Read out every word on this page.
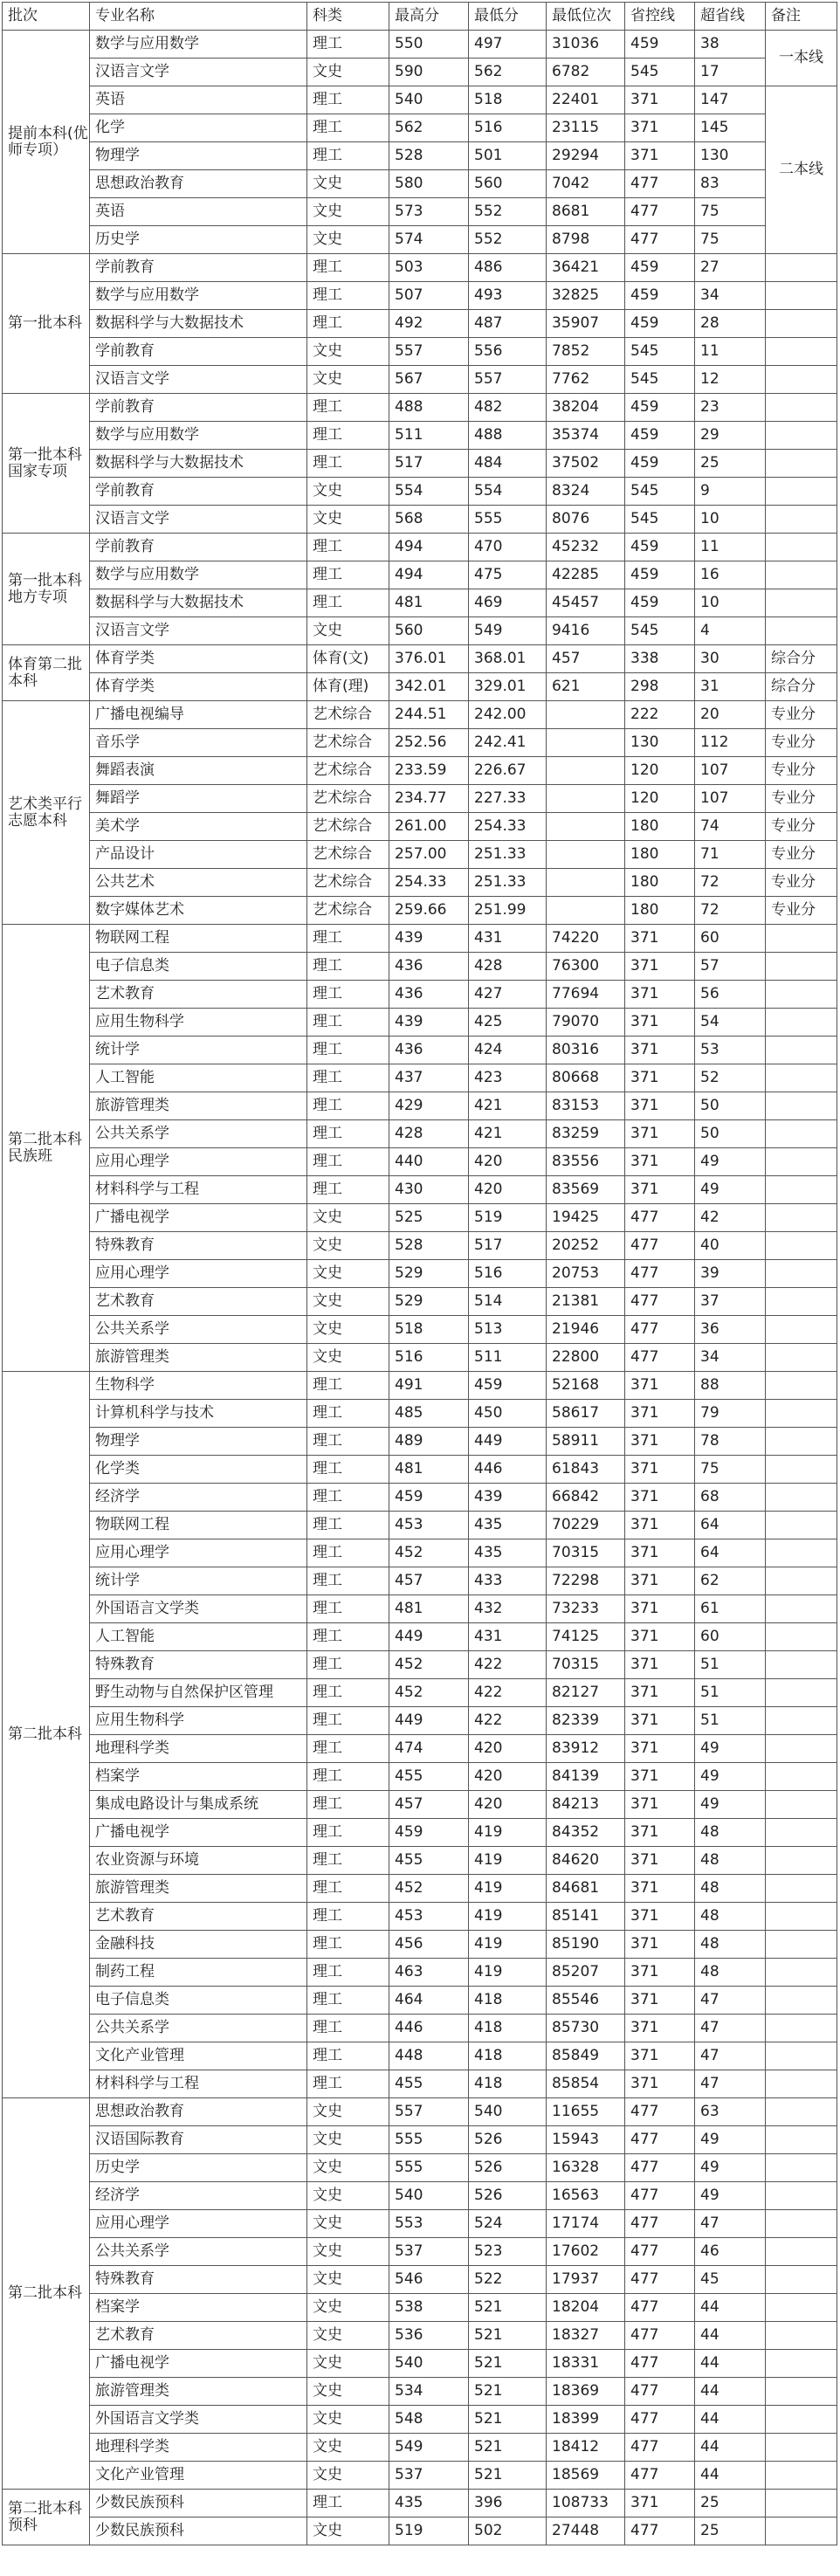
批次	专业名称	科类	最高分	最低分	最低位次	省控线	超省线	备注
提前本科(优师专项）	数学与应用数学	理工	550	497	31036	459	38	一本线
	汉语言文学	文史	590	562	6782	545	17	
	英语	理工	540	518	22401	371	147	二本线
	化学	理工	562	516	23115	371	145	
	物理学	理工	528	501	29294	371	130	
	思想政治教育	文史	580	560	7042	477	83	
	英语	文史	573	552	8681	477	75	
	历史学	文史	574	552	8798	477	75	
第一批本科	学前教育	理工	503	486	36421	459	27	
	数学与应用数学	理工	507	493	32825	459	34	
	数据科学与大数据技术	理工	492	487	35907	459	28	
	学前教育	文史	557	556	7852	545	11	
	汉语言文学	文史	567	557	7762	545	12	
第一批本科国家专项	学前教育	理工	488	482	38204	459	23	
	数学与应用数学	理工	511	488	35374	459	29	
	数据科学与大数据技术	理工	517	484	37502	459	25	
	学前教育	文史	554	554	8324	545	9	
	汉语言文学	文史	568	555	8076	545	10	
第一批本科地方专项	学前教育	理工	494	470	45232	459	11	
	数学与应用数学	理工	494	475	42285	459	16	
	数据科学与大数据技术	理工	481	469	45457	459	10	
	汉语言文学	文史	560	549	9416	545	4	
体育第二批本科	体育学类	体育(文)	376.01	368.01	457	338	30	综合分
	体育学类	体育(理)	342.01	329.01	621	298	31	综合分
艺术类平行志愿本科	广播电视编导	艺术综合	244.51	242.00		222	20	专业分
	音乐学	艺术综合	252.56	242.41		130	112	专业分
	舞蹈表演	艺术综合	233.59	226.67		120	107	专业分
	舞蹈学	艺术综合	234.77	227.33		120	107	专业分
	美术学	艺术综合	261.00	254.33		180	74	专业分
	产品设计	艺术综合	257.00	251.33		180	71	专业分
	公共艺术	艺术综合	254.33	251.33		180	72	专业分
	数字媒体艺术	艺术综合	259.66	251.99		180	72	专业分
第二批本科民族班	物联网工程	理工	439	431	74220	371	60	
	电子信息类	理工	436	428	76300	371	57	
	艺术教育	理工	436	427	77694	371	56	
	应用生物科学	理工	439	425	79070	371	54	
	统计学	理工	436	424	80316	371	53	
	人工智能	理工	437	423	80668	371	52	
	旅游管理类	理工	429	421	83153	371	50	
	公共关系学	理工	428	421	83259	371	50	
	应用心理学	理工	440	420	83556	371	49	
	材料科学与工程	理工	430	420	83569	371	49	
	广播电视学	文史	525	519	19425	477	42	
	特殊教育	文史	528	517	20252	477	40	
	应用心理学	文史	529	516	20753	477	39	
	艺术教育	文史	529	514	21381	477	37	
	公共关系学	文史	518	513	21946	477	36	
	旅游管理类	文史	516	511	22800	477	34	
第二批本科	生物科学	理工	491	459	52168	371	88	
	计算机科学与技术	理工	485	450	58617	371	79	
	物理学	理工	489	449	58911	371	78	
	化学类	理工	481	446	61843	371	75	
	经济学	理工	459	439	66842	371	68	
	物联网工程	理工	453	435	70229	371	64	
	应用心理学	理工	452	435	70315	371	64	
	统计学	理工	457	433	72298	371	62	
	外国语言文学类	理工	481	432	73233	371	61	
	人工智能	理工	449	431	74125	371	60	
	特殊教育	理工	452	422	70315	371	51	
	野生动物与自然保护区管理	理工	452	422	82127	371	51	
	应用生物科学	理工	449	422	82339	371	51	
	地理科学类	理工	474	420	83912	371	49	
	档案学	理工	455	420	84139	371	49	
	集成电路设计与集成系统	理工	457	420	84213	371	49	
	广播电视学	理工	459	419	84352	371	48	
	农业资源与环境	理工	455	419	84620	371	48	
	旅游管理类	理工	452	419	84681	371	48	
	艺术教育	理工	453	419	85141	371	48	
	金融科技	理工	456	419	85190	371	48	
	制药工程	理工	463	419	85207	371	48	
	电子信息类	理工	464	418	85546	371	47	
	公共关系学	理工	446	418	85730	371	47	
	文化产业管理	理工	448	418	85849	371	47	
	材料科学与工程	理工	455	418	85854	371	47	
第二批本科	思想政治教育	文史	557	540	11655	477	63	
	汉语国际教育	文史	555	526	15943	477	49	
	历史学	文史	555	526	16328	477	49	
	经济学	文史	540	526	16563	477	49	
	应用心理学	文史	553	524	17174	477	47	
	公共关系学	文史	537	523	17602	477	46	
	特殊教育	文史	546	522	17937	477	45	
	档案学	文史	538	521	18204	477	44	
	艺术教育	文史	536	521	18327	477	44	
	广播电视学	文史	540	521	18331	477	44	
	旅游管理类	文史	534	521	18369	477	44	
	外国语言文学类	文史	548	521	18399	477	44	
	地理科学类	文史	549	521	18412	477	44	
	文化产业管理	文史	537	521	18569	477	44	
第二批本科预科	少数民族预科	理工	435	396	108733	371	25	
	少数民族预科	文史	519	502	27448	477	25	
